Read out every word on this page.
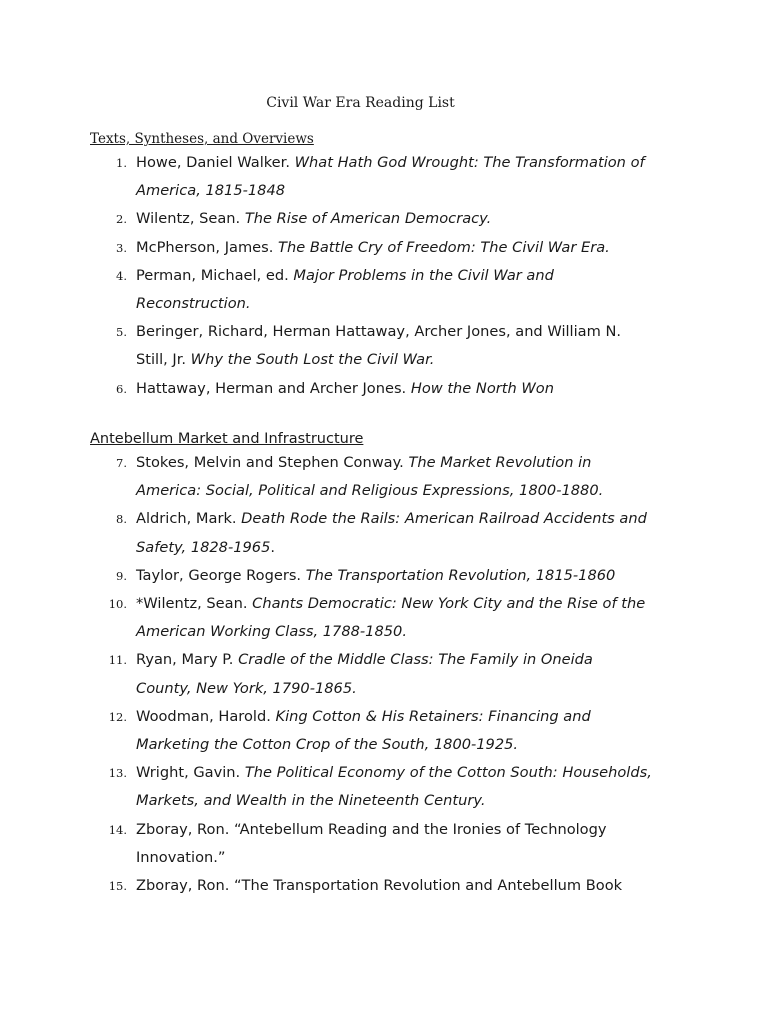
Civil War Era Reading List

Texts, Syntheses, and Overviews

1. Howe, Daniel Walker. What Hath God Wrought: The Transformation of
America, 1815-1848
2. Wilentz, Sean. The Rise of American Democracy.
3. McPherson, James. The Battle Cry of Freedom: The Civil War Era.
4. Perman, Michael, ed. Major Problems in the Civil War and
Reconstruction.
5. Beringer, Richard, Herman Hattaway, Archer Jones, and William N.
Still, Jr. Why the South Lost the Civil War.
6. Hattaway, Herman and Archer Jones. How the North Won

Antebellum Market and Infrastructure

7. Stokes, Melvin and Stephen Conway. The Market Revolution in
America: Social, Political and Religious Expressions, 1800-1880.
8. Aldrich, Mark. Death Rode the Rails: American Railroad Accidents and
Safety, 1828-1965.
9. Taylor, George Rogers. The Transportation Revolution, 1815-1860
10. *Wilentz, Sean. Chants Democratic: New York City and the Rise of the
American Working Class, 1788-1850.
11. Ryan, Mary P. Cradle of the Middle Class: The Family in Oneida
County, New York, 1790-1865.
12. Woodman, Harold. King Cotton & His Retainers: Financing and
Marketing the Cotton Crop of the South, 1800-1925.
13. Wright, Gavin. The Political Economy of the Cotton South: Households,
Markets, and Wealth in the Nineteenth Century.
14. Zboray, Ron. “Antebellum Reading and the Ironies of Technology
Innovation.”
15. Zboray, Ron. “The Transportation Revolution and Antebellum Book
